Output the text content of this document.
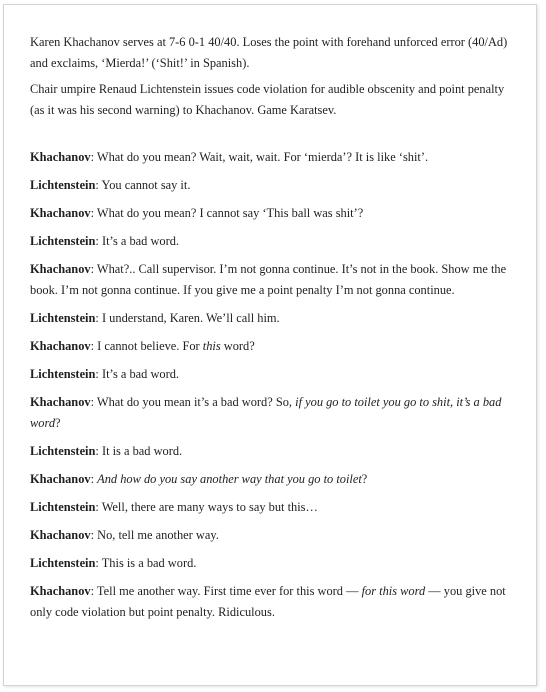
Karen Khachanov serves at 7-6 0-1 40/40. Loses the point with forehand unforced error (40/Ad) and exclaims, ‘Mierda!’ (‘Shit!’ in Spanish).

Chair umpire Renaud Lichtenstein issues code violation for audible obscenity and point penalty (as it was his second warning) to Khachanov. Game Karatsev.

Khachanov: What do you mean? Wait, wait, wait. For ‘mierda’? It is like ‘shit’.

Lichtenstein: You cannot say it.

Khachanov: What do you mean? I cannot say ‘This ball was shit’?

Lichtenstein: It’s a bad word.

Khachanov: What?.. Call supervisor. I’m not gonna continue. It’s not in the book. Show me the book. I’m not gonna continue. If you give me a point penalty I’m not gonna continue.

Lichtenstein: I understand, Karen. We’ll call him.

Khachanov: I cannot believe. For this word?

Lichtenstein: It’s a bad word.

Khachanov: What do you mean it’s a bad word? So, if you go to toilet you go to shit, it’s a bad word?

Lichtenstein: It is a bad word.

Khachanov: And how do you say another way that you go to toilet?

Lichtenstein: Well, there are many ways to say but this…

Khachanov: No, tell me another way.

Lichtenstein: This is a bad word.

Khachanov: Tell me another way. First time ever for this word — for this word — you give not only code violation but point penalty. Ridiculous.
